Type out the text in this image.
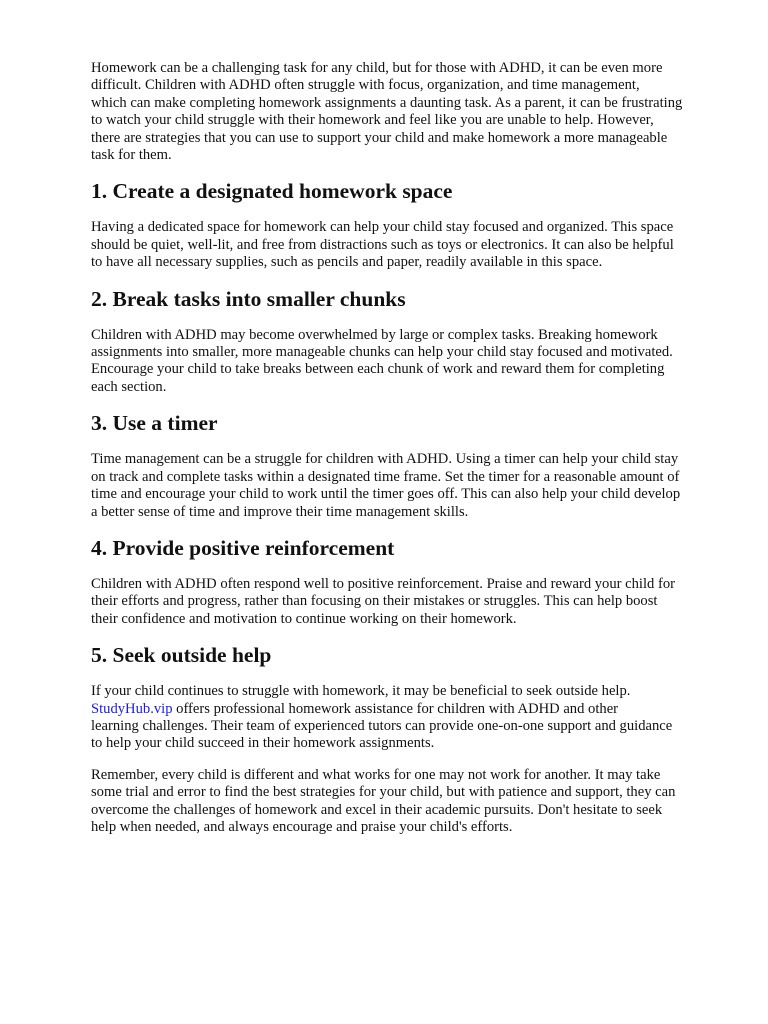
Homework can be a challenging task for any child, but for those with ADHD, it can be even more
difficult. Children with ADHD often struggle with focus, organization, and time management,
which can make completing homework assignments a daunting task. As a parent, it can be frustrating
to watch your child struggle with their homework and feel like you are unable to help. However,
there are strategies that you can use to support your child and make homework a more manageable
task for them.

1. Create a designated homework space

Having a dedicated space for homework can help your child stay focused and organized. This space
should be quiet, well-lit, and free from distractions such as toys or electronics. It can also be helpful
to have all necessary supplies, such as pencils and paper, readily available in this space.

2. Break tasks into smaller chunks

Children with ADHD may become overwhelmed by large or complex tasks. Breaking homework
assignments into smaller, more manageable chunks can help your child stay focused and motivated.
Encourage your child to take breaks between each chunk of work and reward them for completing
each section.

3. Use a timer

Time management can be a struggle for children with ADHD. Using a timer can help your child stay
on track and complete tasks within a designated time frame. Set the timer for a reasonable amount of
time and encourage your child to work until the timer goes off. This can also help your child develop
a better sense of time and improve their time management skills.

4. Provide positive reinforcement

Children with ADHD often respond well to positive reinforcement. Praise and reward your child for
their efforts and progress, rather than focusing on their mistakes or struggles. This can help boost
their confidence and motivation to continue working on their homework.

5. Seek outside help

If your child continues to struggle with homework, it may be beneficial to seek outside help.
StudyHub.vip offers professional homework assistance for children with ADHD and other
learning challenges. Their team of experienced tutors can provide one-on-one support and guidance
to help your child succeed in their homework assignments.

Remember, every child is different and what works for one may not work for another. It may take
some trial and error to find the best strategies for your child, but with patience and support, they can
overcome the challenges of homework and excel in their academic pursuits. Don't hesitate to seek
help when needed, and always encourage and praise your child's efforts.
